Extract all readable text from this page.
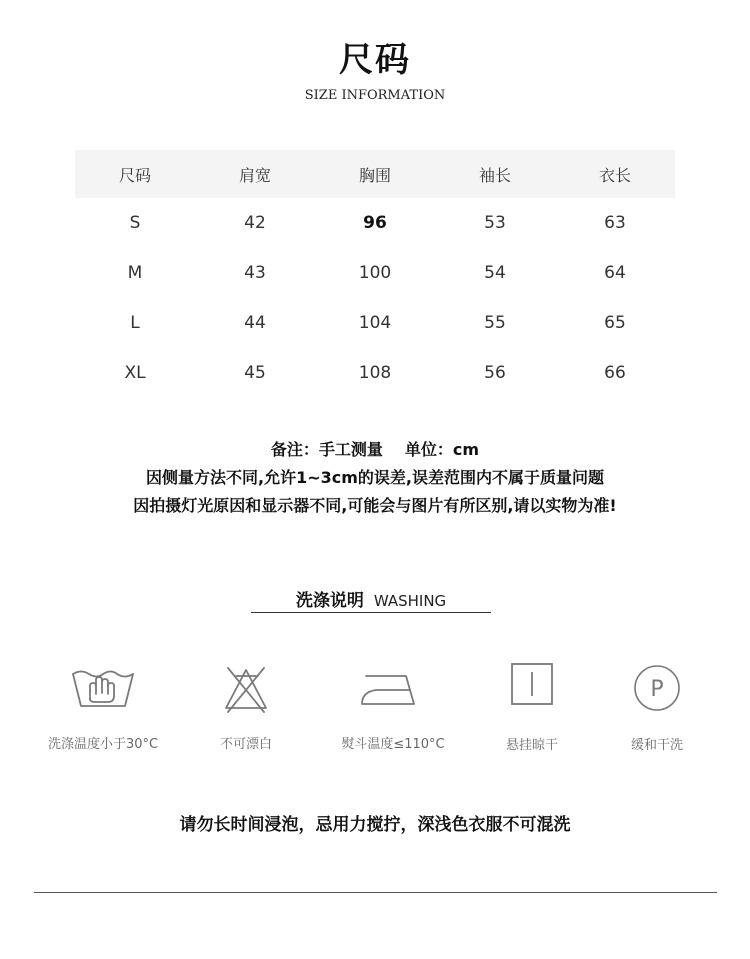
尺码
SIZE INFORMATION
尺码	肩宽	胸围	袖长	衣长
S	42	96	53	63
M	43	100	54	64
L	44	104	55	65
XL	45	108	56	66
备注：手工测量 单位：cm
因侧量方法不同,允许1~3cm的误差,误差范围内不属于质量问题
因拍摄灯光原因和显示器不同,可能会与图片有所区别,请以实物为准!
洗涤说明 WASHING
洗涤温度小于30°C	不可漂白	熨斗温度≤110°C	悬挂晾干
P
缓和干洗
请勿长时间浸泡，忌用力搅拧，深浅色衣服不可混洗
